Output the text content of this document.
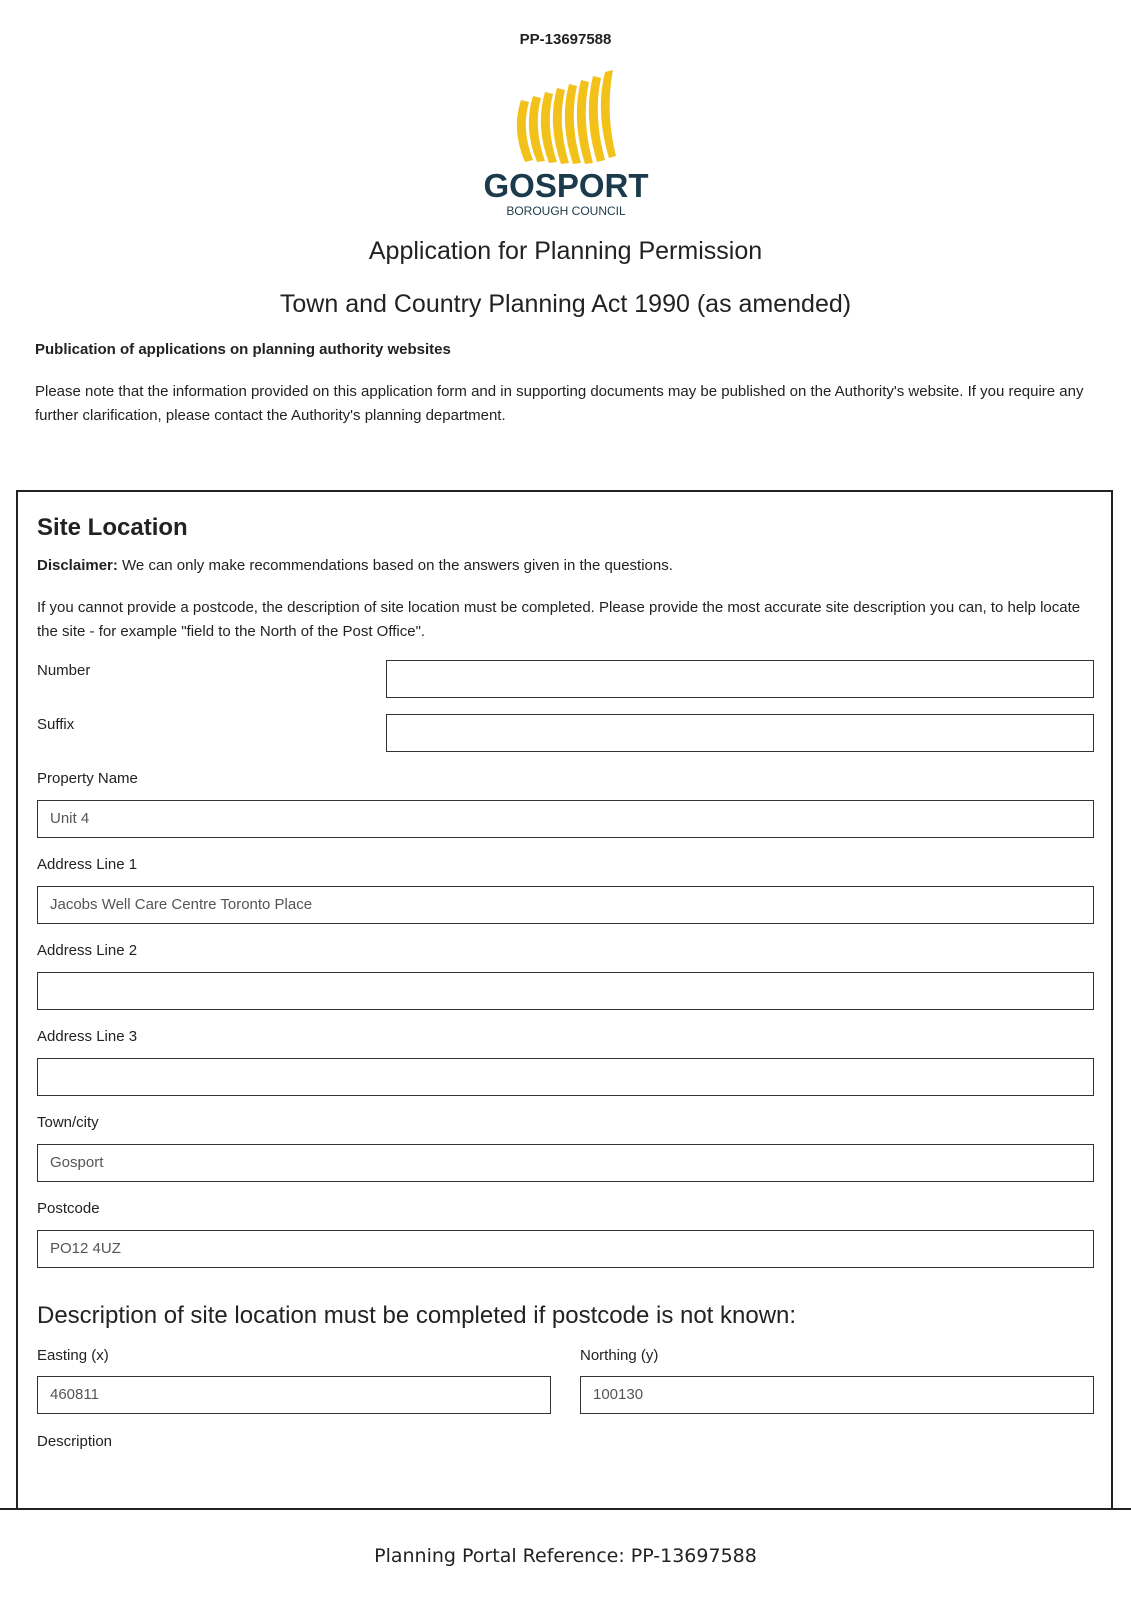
PP-13697588
GOSPORT
BOROUGH COUNCIL
Application for Planning Permission
Town and Country Planning Act 1990 (as amended)
Publication of applications on planning authority websites
Please note that the information provided on this application form and in supporting documents may be published on the Authority's website. If you require any further clarification, please contact the Authority's planning department.
Site Location
Disclaimer: We can only make recommendations based on the answers given in the questions.
If you cannot provide a postcode, the description of site location must be completed. Please provide the most accurate site description you can, to help locate the site - for example "field to the North of the Post Office".
Number
Suffix
Property Name
Unit 4
Address Line 1
Jacobs Well Care Centre Toronto Place
Address Line 2
Address Line 3
Town/city
Gosport
Postcode
PO12 4UZ
Description of site location must be completed if postcode is not known:
Easting (x)
460811
Northing (y)
100130
Description
Planning Portal Reference: PP-13697588
